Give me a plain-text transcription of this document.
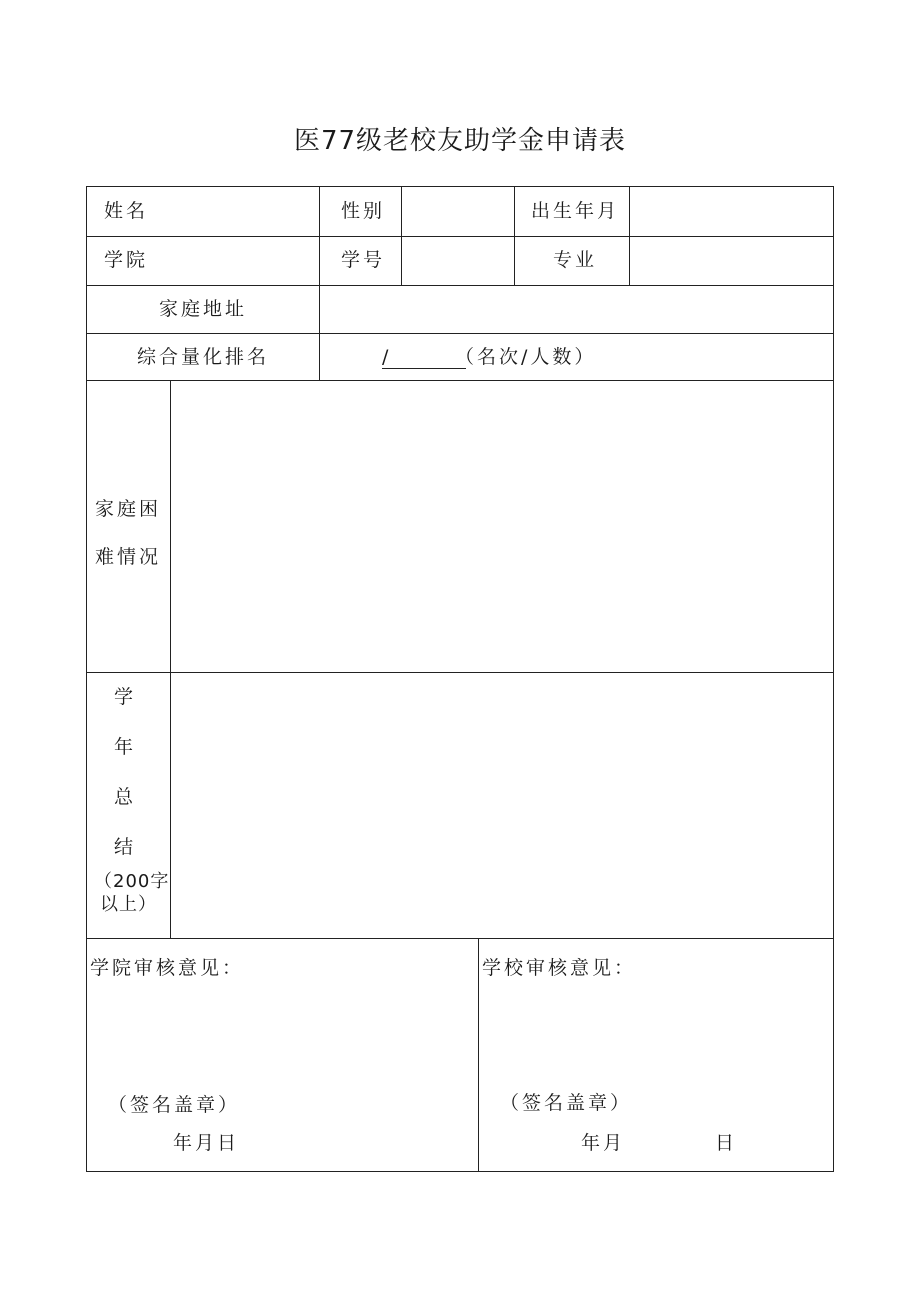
医77级老校友助学金申请表
姓名	性别	出生年月
学院	学号	专业
家庭地址
综合量化排名	/	（名次/人数）
家庭困
难情况
学
年
总
结
（200字
以上）
学院审核意见：
（签名盖章）
年月日
学校审核意见：
（签名盖章）
年月	日
